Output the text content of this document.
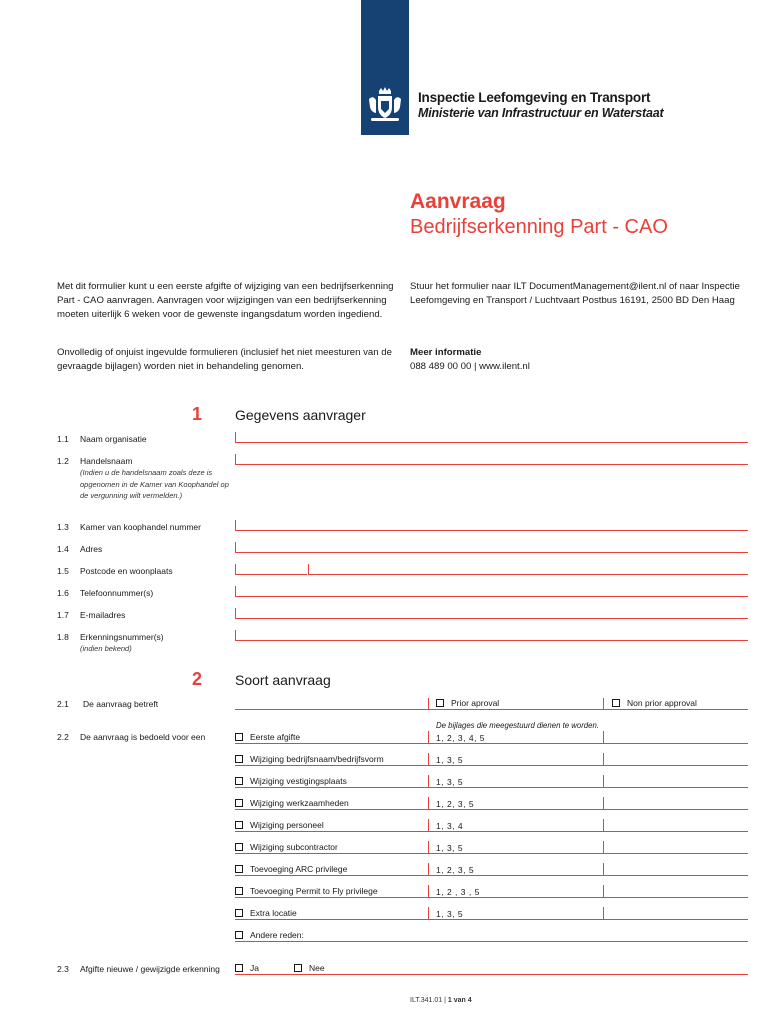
Inspectie Leefomgeving en Transport
Ministerie van Infrastructuur en Waterstaat
Aanvraag
Bedrijfserkenning Part - CAO
Met dit formulier kunt u een eerste afgifte of wijziging van een bedrijfserkenning Part - CAO aanvragen. Aanvragen voor wijzigingen van een bedrijfserkenning moeten uiterlijk 6 weken voor de gewenste ingangsdatum worden ingediend.
Onvolledig of onjuist ingevulde formulieren (inclusief het niet meesturen van de gevraagde bijlagen) worden niet in behandeling genomen.
Stuur het formulier naar ILT DocumentManagement@ilent.nl of naar Inspectie Leefomgeving en Transport / Luchtvaart Postbus 16191, 2500 BD Den Haag
Meer informatie
088 489 00 00 | www.ilent.nl
1 Gegevens aanvrager
1.1 Naam organisatie
1.2 Handelsnaam
(Indien u de handelsnaam zoals deze is opgenomen in de Kamer van Koophandel op de vergunning wilt vermelden.)
1.3 Kamer van koophandel nummer
1.4 Adres
1.5 Postcode en woonplaats
1.6 Telefoonnummer(s)
1.7 E-mailadres
1.8 Erkenningsnummer(s)
(indien bekend)
2 Soort aanvraag
2.1 De aanvraag betreft	Prior aproval	Non prior approval
2.2 De aanvraag is bedoeld voor een
De bijlages die meegestuurd dienen te worden.
Eerste afgifte	1, 2, 3, 4, 5
Wijziging bedrijfsnaam/bedrijfsvorm	1, 3, 5
Wijziging vestigingsplaats	1, 3, 5
Wijziging werkzaamheden	1, 2, 3, 5
Wijziging personeel	1, 3, 4
Wijziging subcontractor	1, 3, 5
Toevoeging ARC privilege	1, 2, 3, 5
Toevoeging Permit to Fly privilege	1, 2 , 3 , 5
Extra locatie	1, 3, 5
Andere reden:
2.3 Afgifte nieuwe / gewijzigde erkenning	Ja	Nee
ILT.341.01 | 1 van 4
